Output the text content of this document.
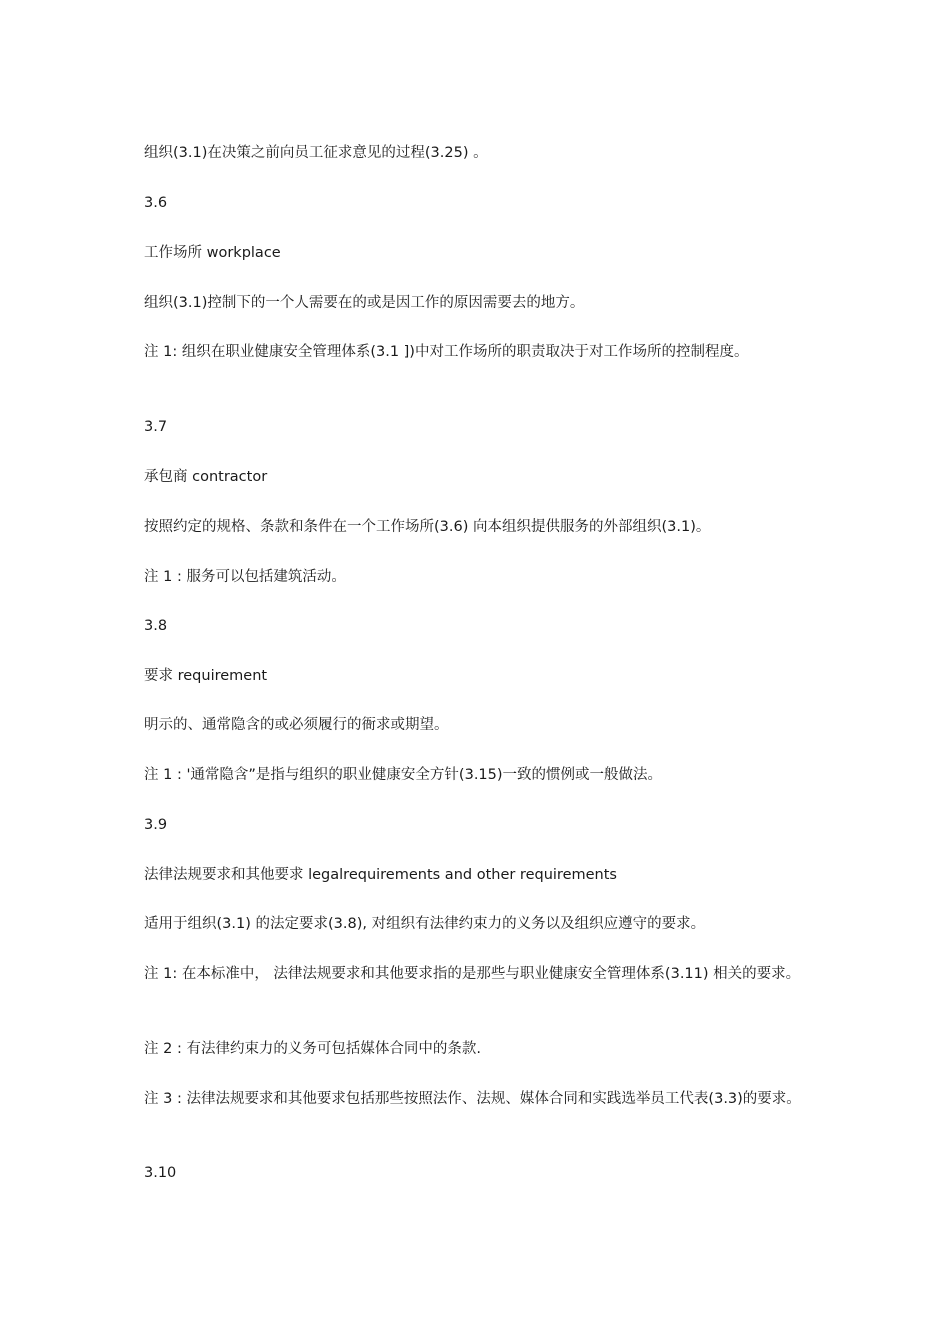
组织(3.1)在决策之前向员工征求意见的过程(3.25) 。

3.6

工作场所 workplace

组织(3.1)控制下的一个人需要在的或是因工作的原因需要去的地方。

注 1: 组织在职业健康安全管理体系(3.1 ])中对工作场所的职责取决于对工作场所的控制程度。

3.7

承包商 contractor

按照约定的规格、条款和条件在一个工作场所(3.6) 向本组织提供服务的外部组织(3.1)。

注 1 : 服务可以包括建筑活动。

3.8

要求 requirement

明示的、通常隐含的或必须履行的衙求或期望。

注 1 : '通常隐含”是指与组织的职业健康安全方针(3.15)一致的惯例或一般做法。

3.9

法律法规要求和其他要求 legalrequirements and other requirements

适用于组织(3.1) 的法定要求(3.8), 对组织有法律约束力的义务以及组织应遵守的要求。

注 1: 在本标准中， 法律法规要求和其他要求指的是那些与职业健康安全管理体系(3.11) 相关的要求。

注 2 : 有法律约束力的义务可包括媒体合同中的条款.

注 3 : 法律法规要求和其他要求包括那些按照法作、法规、媒体合同和实践选举员工代表(3.3)的要求。

3.10
